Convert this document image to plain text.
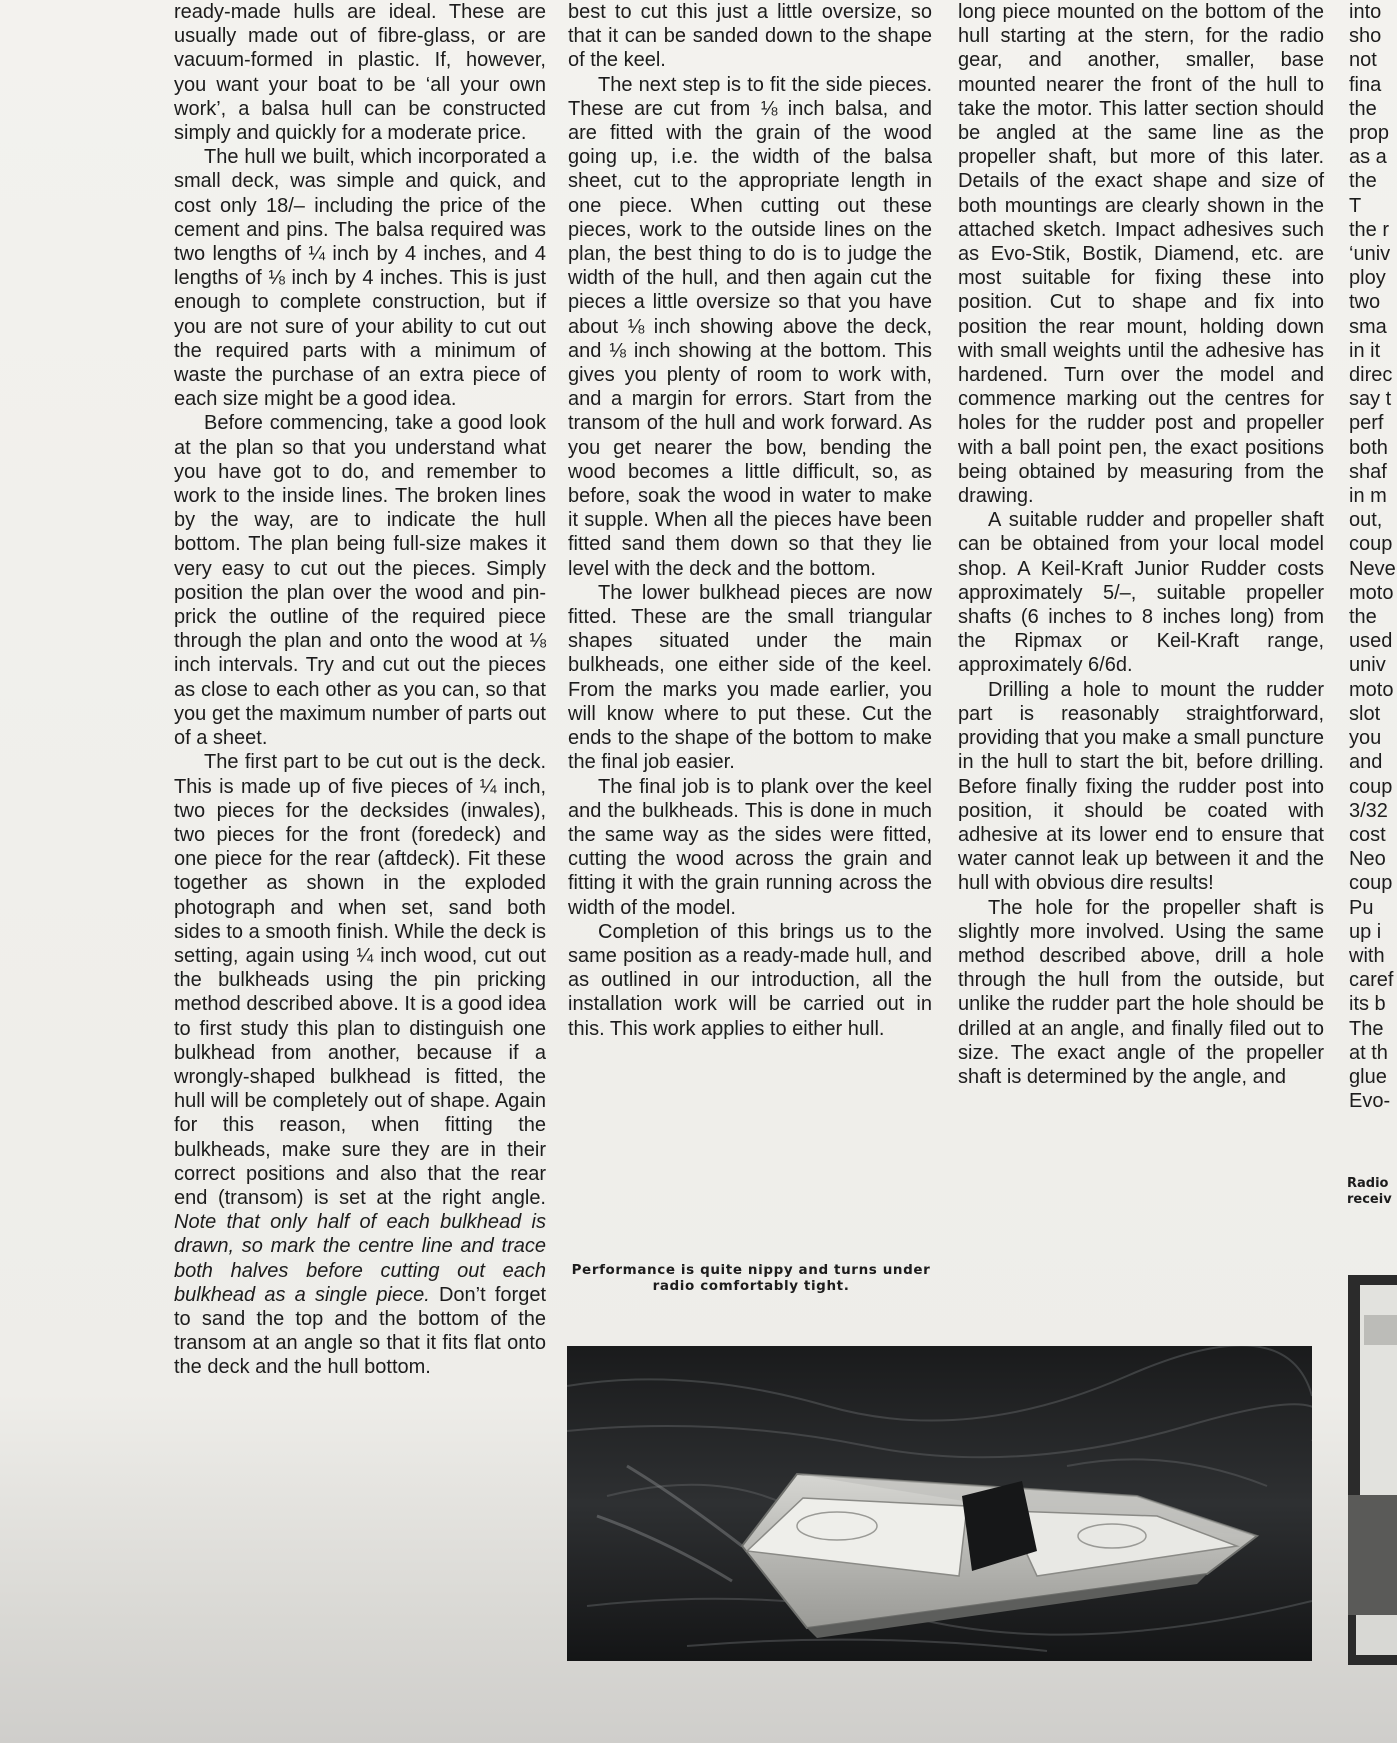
ready-made hulls are ideal. These are usually made out of fibre-glass, or are vacuum-formed in plastic. If, however, you want your boat to be ‘all your own work’, a balsa hull can be constructed simply and quickly for a moderate price.

The hull we built, which incorporated a small deck, was simple and quick, and cost only 18/– including the price of the cement and pins. The balsa required was two lengths of ¼ inch by 4 inches, and 4 lengths of ⅛ inch by 4 inches. This is just enough to complete construction, but if you are not sure of your ability to cut out the required parts with a minimum of waste the purchase of an extra piece of each size might be a good idea.

Before commencing, take a good look at the plan so that you understand what you have got to do, and remember to work to the inside lines. The broken lines by the way, are to indicate the hull bottom. The plan being full-size makes it very easy to cut out the pieces. Simply position the plan over the wood and pin-prick the outline of the required piece through the plan and onto the wood at ⅛ inch intervals. Try and cut out the pieces as close to each other as you can, so that you get the maximum number of parts out of a sheet.

The first part to be cut out is the deck. This is made up of five pieces of ¼ inch, two pieces for the decksides (inwales), two pieces for the front (foredeck) and one piece for the rear (aftdeck). Fit these together as shown in the exploded photograph and when set, sand both sides to a smooth finish. While the deck is setting, again using ¼ inch wood, cut out the bulkheads using the pin pricking method described above. It is a good idea to first study this plan to distinguish one bulkhead from another, because if a wrongly-shaped bulkhead is fitted, the hull will be completely out of shape. Again for this reason, when fitting the bulkheads, make sure they are in their correct positions and also that the rear end (transom) is set at the right angle. Note that only half of each bulkhead is drawn, so mark the centre line and trace both halves before cutting out each bulkhead as a single piece. Don’t forget to sand the top and the bottom of the transom at an angle so that it fits flat onto the deck and the hull bottom.

best to cut this just a little oversize, so that it can be sanded down to the shape of the keel.

The next step is to fit the side pieces. These are cut from ⅛ inch balsa, and are fitted with the grain of the wood going up, i.e. the width of the balsa sheet, cut to the appropriate length in one piece. When cutting out these pieces, work to the outside lines on the plan, the best thing to do is to judge the width of the hull, and then again cut the pieces a little oversize so that you have about ⅛ inch showing above the deck, and ⅛ inch showing at the bottom. This gives you plenty of room to work with, and a margin for errors. Start from the transom of the hull and work forward. As you get nearer the bow, bending the wood becomes a little difficult, so, as before, soak the wood in water to make it supple. When all the pieces have been fitted sand them down so that they lie level with the deck and the bottom.

The lower bulkhead pieces are now fitted. These are the small triangular shapes situated under the main bulkheads, one either side of the keel. From the marks you made earlier, you will know where to put these. Cut the ends to the shape of the bottom to make the final job easier.

The final job is to plank over the keel and the bulkheads. This is done in much the same way as the sides were fitted, cutting the wood across the grain and fitting it with the grain running across the width of the model.

Completion of this brings us to the same position as a ready-made hull, and as outlined in our introduction, all the installation work will be carried out in this. This work applies to either hull.

long piece mounted on the bottom of the hull starting at the stern, for the radio gear, and another, smaller, base mounted nearer the front of the hull to take the motor. This latter section should be angled at the same line as the propeller shaft, but more of this later. Details of the exact shape and size of both mountings are clearly shown in the attached sketch. Impact adhesives such as Evo-Stik, Bostik, Diamend, etc. are most suitable for fixing these into position. Cut to shape and fix into position the rear mount, holding down with small weights until the adhesive has hardened. Turn over the model and commence marking out the centres for holes for the rudder post and propeller with a ball point pen, the exact positions being obtained by measuring from the drawing.

A suitable rudder and propeller shaft can be obtained from your local model shop. A Keil-Kraft Junior Rudder costs approximately 5/–, suitable propeller shafts (6 inches to 8 inches long) from the Ripmax or Keil-Kraft range, approximately 6/6d.

Drilling a hole to mount the rudder part is reasonably straightforward, providing that you make a small puncture in the hull to start the bit, before drilling. Before finally fixing the rudder post into position, it should be coated with adhesive at its lower end to ensure that water cannot leak up between it and the hull with obvious dire results!

The hole for the propeller shaft is slightly more involved. Using the same method described above, drill a hole through the hull from the outside, but unlike the rudder part the hole should be drilled at an angle, and finally filed out to size. The exact angle of the propeller shaft is determined by the angle, and

into
sho
not
fina
the
prop
as a
the
T
the r
‘univ
ploy
two
sma
in it
direc
say t
perf
both
shaf
in m
out,
coup
Neve
moto
the
used
univ
moto
slot
you
and
coup
3/32
cost
Neo
coup
Pu
up i
with
caref
its b
The
at th
glue
Evo-
Performance is quite nippy and turns under radio comfortably tight.
Radio
receiv
